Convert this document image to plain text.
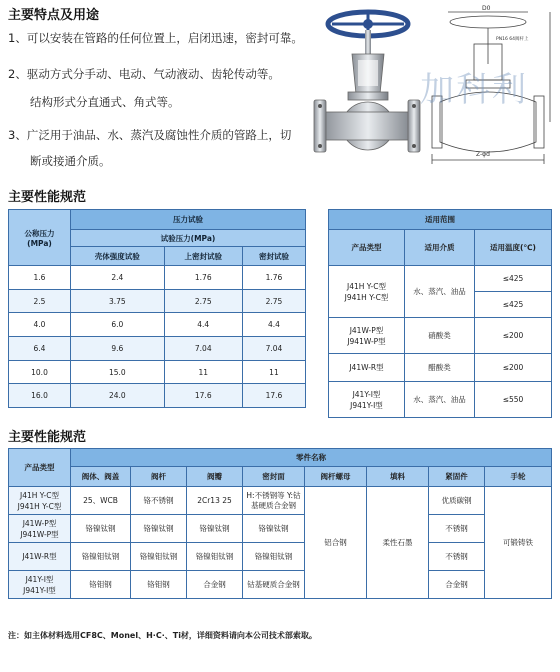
主要特点及用途
1、可以安装在管路的任何位置上，启闭迅速，密封可靠。
2、驱动方式分手动、电动、气动液动、齿轮传动等。
结构形式分直通式、角式等。
3、广泛用于油品、水、蒸汽及腐蚀性介质的管路上，切
断或接通介质。
D0
PN16 64阀杆上
Z-φd
加科利
主要性能规范
公称压力
(MPa)	压力试验		
	试验压力(MPa)		
	壳体强度试验	上密封试验	密封试验
1.6	2.4	1.76	1.76
2.5	3.75	2.75	2.75
4.0	6.0	4.4	4.4
6.4	9.6	7.04	7.04
10.0	15.0	11	11
16.0	24.0	17.6	17.6
适用范围		
产品类型	适用介质	适用温度(℃)
J41H Y-C型
J941H Y-C型	水、蒸汽、油品	≤425
		≤425
J41W-P型
J941W-P型	硝酸类	≤200
J41W-R型	醋酸类	≤200
J41Y-I型
J941Y-I型	水、蒸汽、油品	≤550
主要性能规范
产品类型	零件名称							
	阀体、阀盖	阀杆	阀瓣	密封面	阀杆螺母	填料	紧固件	手轮
J41H Y-C型
J941H Y-C型	25、WCB	铬不锈钢	2Cr13 25	H:不锈钢等 Y:钴基硬质合金钢	铝合钢	柔性石墨	优质碳钢	可锻铸铁
J41W-P型
J941W-P型	铬镍钛钢	铬镍钛钢	铬镍钛钢	铬镍钛钢			不锈钢	
J41W-R型	铬镍钼钛钢	铬镍钼钛钢	铬镍钼钛钢	铬镍钼钛钢			不锈钢	
J41Y-I型
J941Y-I型	铬钼钢	铬钼钢	合金钢	钴基硬质合金钢			合金钢	
注：如主体材料选用CF8C、Monel、H·C·、Ti材，详细资料请向本公司技术部索取。
